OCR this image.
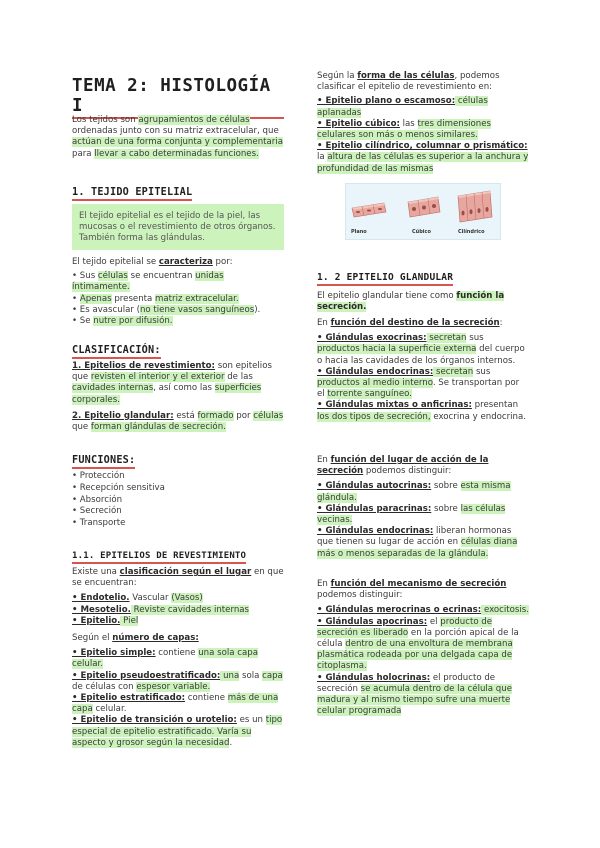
TEMA 2: HISTOLOGÍA I

Los tejidos son agrupamientos de células ordenadas junto con su matriz extracelular, que actúan de una forma conjunta y complementaria para llevar a cabo determinadas funciones.

1. TEJIDO EPITELIAL

El tejido epitelial es el tejido de la piel, las mucosas o el revestimiento de otros órganos. También forma las glándulas.

El tejido epitelial se caracteriza por:

• Sus células se encuentran unidas íntimamente.

• Apenas presenta matriz extracelular.

• Es avascular (no tiene vasos sanguíneos).

• Se nutre por difusión.

CLASIFICACIÓN:

1. Epitelios de revestimiento: son epitelios que revisten el interior y el exterior de las cavidades internas, así como las superficies corporales.

2. Epitelio glandular: está formado por células que forman glándulas de secreción.

FUNCIONES:

• Protección

• Recepción sensitiva

• Absorción

• Secreción

• Transporte

1.1. EPITELIOS DE REVESTIMIENTO

Existe una clasificación según el lugar en que se encuentran:

• Endotelio. Vascular (Vasos)

• Mesotelio. Reviste cavidades internas

• Epitelio. Piel

Según el número de capas:

• Epitelio simple: contiene una sola capa celular.

• Epitelio pseudoestratificado: una sola capa de células con espesor variable.

• Epitelio estratificado: contiene más de una capa celular.

• Epitelio de transición o urotelio: es un tipo especial de epitelio estratificado. Varía su aspecto y grosor según la necesidad.

Según la forma de las células, podemos clasificar el epitelio de revestimiento en:

• Epitelio plano o escamoso: células aplanadas

• Epitelio cúbico: las tres dimensiones celulares son más o menos similares.

• Epitelio cilíndrico, columnar o prismático: la altura de las células es superior a la anchura y profundidad de las mismas

Plano	Cúbico	Cilíndrico
1. 2 EPITELIO GLANDULAR

El epitelio glandular tiene como función la secreción.

En función del destino de la secreción:

• Glándulas exocrinas: secretan sus productos hacia la superficie externa del cuerpo o hacia las cavidades de los órganos internos.

• Glándulas endocrinas: secretan sus productos al medio interno. Se transportan por el torrente sanguíneo.

• Glándulas mixtas o anficrinas: presentan los dos tipos de secreción, exocrina y endocrina.

En función del lugar de acción de la secreción podemos distinguir:

• Glándulas autocrinas: sobre esta misma glándula.

• Glándulas paracrinas: sobre las células vecinas.

• Glándulas endocrinas: liberan hormonas que tienen su lugar de acción en células diana más o menos separadas de la glándula.

En función del mecanismo de secreción podemos distinguir:

• Glándulas merocrinas o ecrinas: exocitosis.

• Glándulas apocrinas: el producto de secreción es liberado en la porción apical de la célula dentro de una envoltura de membrana plasmática rodeada por una delgada capa de citoplasma.

• Glándulas holocrinas: el producto de secreción se acumula dentro de la célula que madura y al mismo tiempo sufre una muerte celular programada
